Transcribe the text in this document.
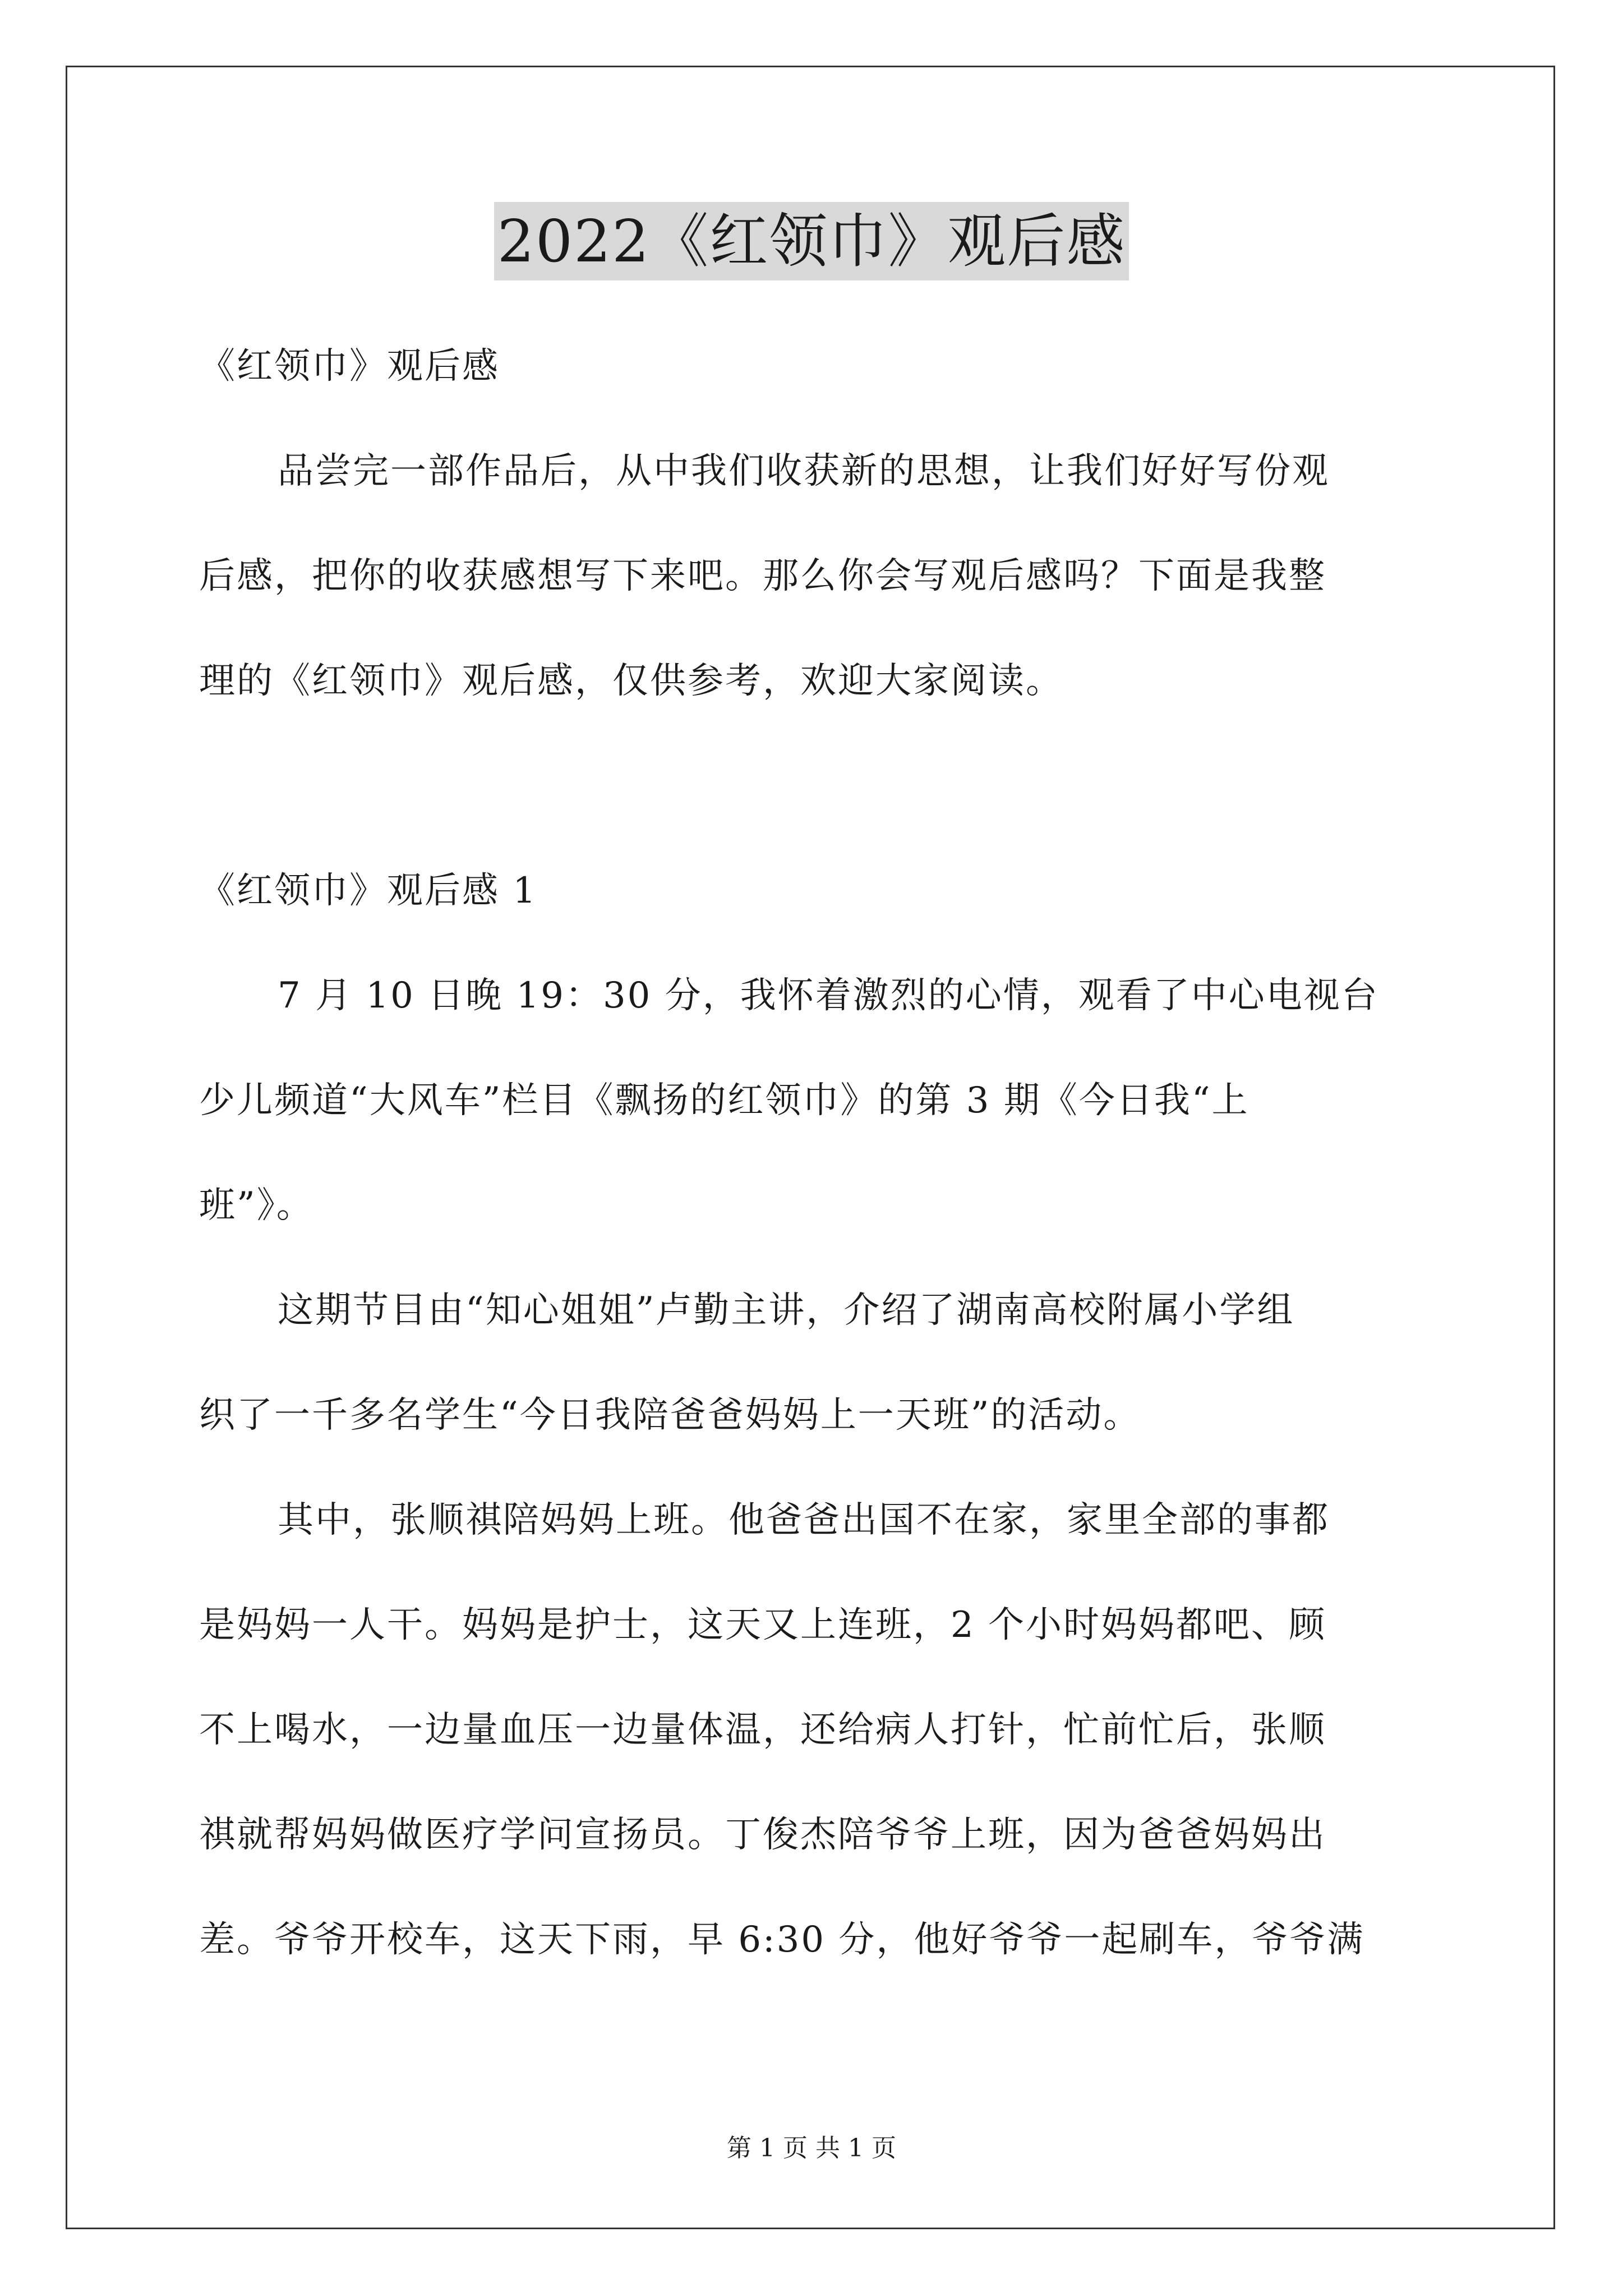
2022《红领巾》观后感
《红领巾》观后感
品尝完一部作品后，从中我们收获新的思想，让我们好好写份观
后感，把你的收获感想写下来吧。那么你会写观后感吗？下面是我整
理的《红领巾》观后感，仅供参考，欢迎大家阅读。
《红领巾》观后感 1
7 月 10 日晚 19：30 分，我怀着激烈的心情，观看了中心电视台
少儿频道“大风车”栏目《飘扬的红领巾》的第 3 期《今日我“上
班”》。
这期节目由“知心姐姐”卢勤主讲，介绍了湖南高校附属小学组
织了一千多名学生“今日我陪爸爸妈妈上一天班”的活动。
其中，张顺祺陪妈妈上班。他爸爸出国不在家，家里全部的事都
是妈妈一人干。妈妈是护士，这天又上连班，2 个小时妈妈都吧、顾
不上喝水，一边量血压一边量体温，还给病人打针，忙前忙后，张顺
祺就帮妈妈做医疗学问宣扬员。丁俊杰陪爷爷上班，因为爸爸妈妈出
差。爷爷开校车，这天下雨，早 6:30 分，他好爷爷一起刷车，爷爷满
第 1 页 共 1 页
